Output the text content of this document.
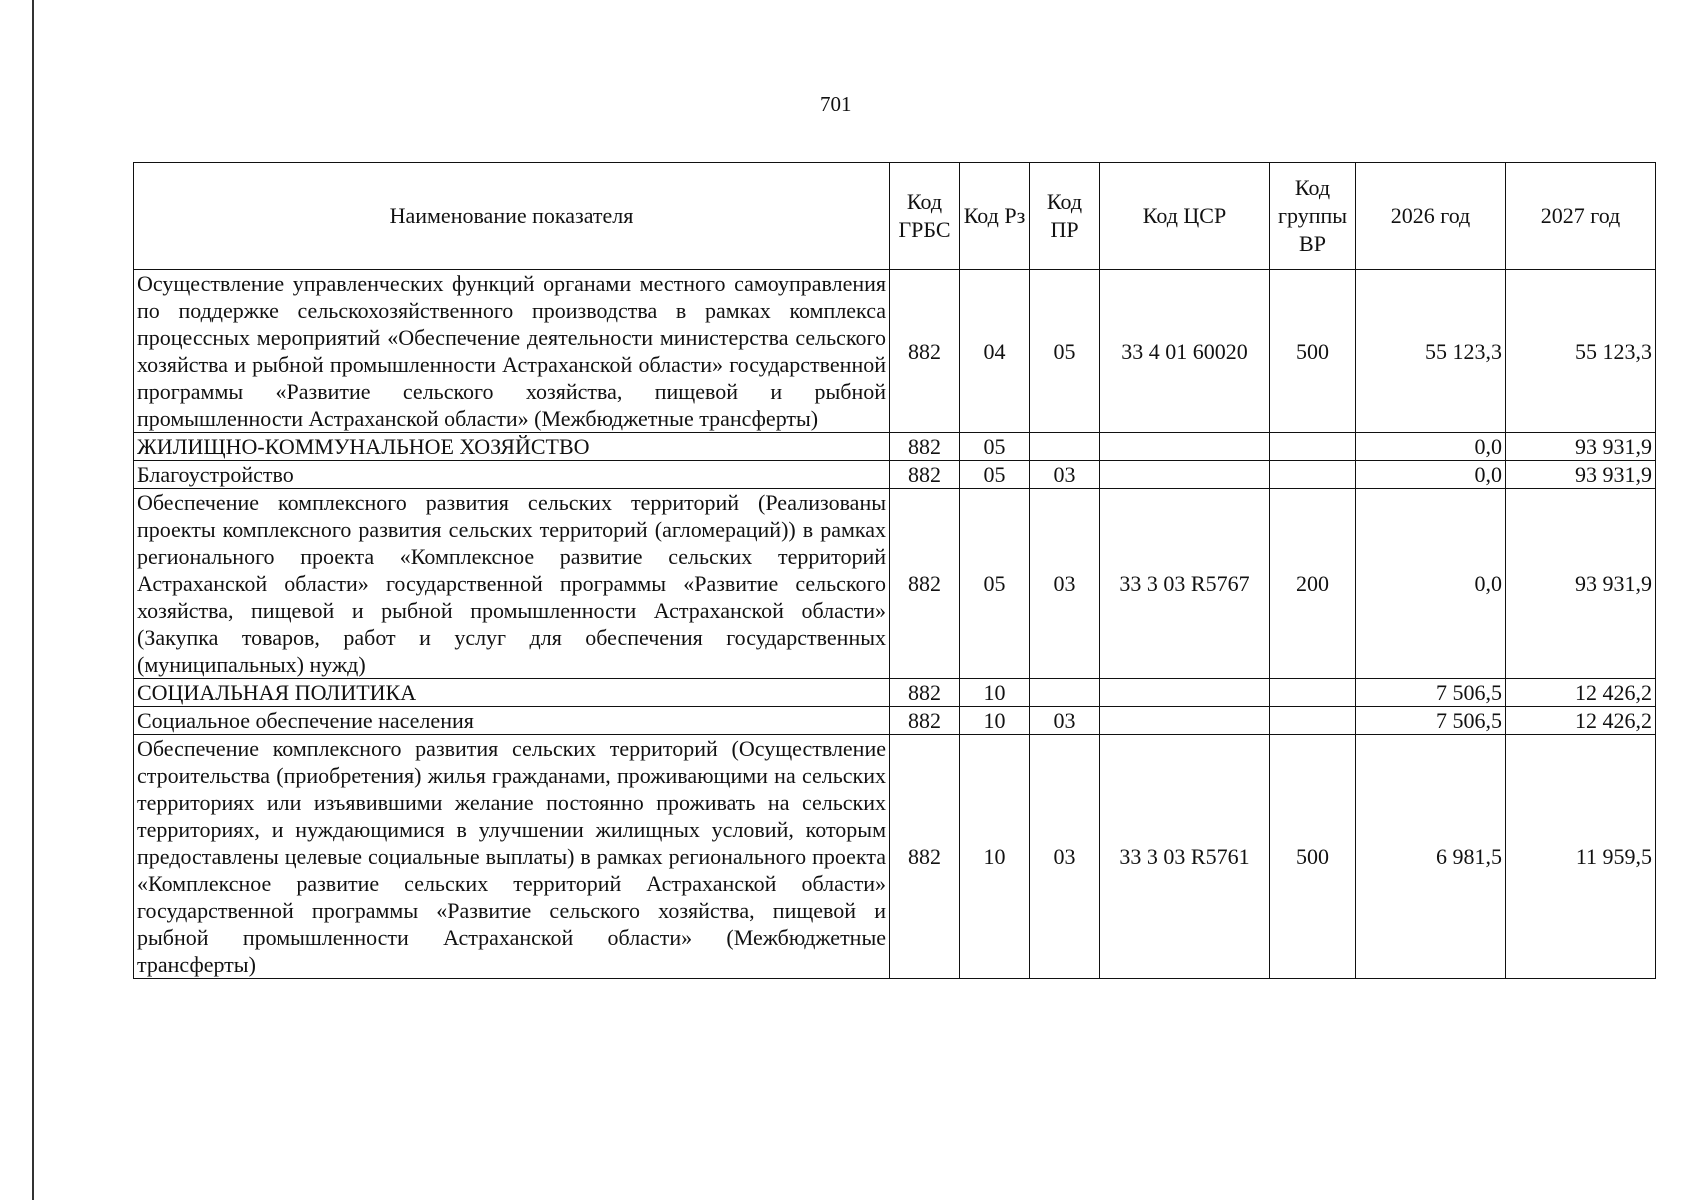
701
Наименование показателя	Код ГРБС	Код Рз	Код ПР	Код ЦСР	Код группы ВР	2026 год	2027 год
Осуществление управленческих функций органами местного самоуправления по поддержке сельскохозяйственного производства в рамках комплекса процессных мероприятий «Обеспечение деятельности министерства сельского хозяйства и рыбной промышленности Астраханской области» государственной программы «Развитие сельского хозяйства, пищевой и рыбной промышленности Астраханской области» (Межбюджетные трансферты)	882	04	05	33 4 01 60020	500	55 123,3	55 123,3
ЖИЛИЩНО-КОММУНАЛЬНОЕ ХОЗЯЙСТВО	882	05				0,0	93 931,9
Благоустройство	882	05	03			0,0	93 931,9
Обеспечение комплексного развития сельских территорий (Реализованы проекты комплексного развития сельских территорий (агломераций)) в рамках регионального проекта «Комплексное развитие сельских территорий Астраханской области» государственной программы «Развитие сельского хозяйства, пищевой и рыбной промышленности Астраханской области» (Закупка товаров, работ и услуг для обеспечения государственных (муниципальных) нужд)	882	05	03	33 3 03 R5767	200	0,0	93 931,9
СОЦИАЛЬНАЯ ПОЛИТИКА	882	10				7 506,5	12 426,2
Социальное обеспечение населения	882	10	03			7 506,5	12 426,2
Обеспечение комплексного развития сельских территорий (Осуществление строительства (приобретения) жилья гражданами, проживающими на сельских территориях или изъявившими желание постоянно проживать на сельских территориях, и нуждающимися в улучшении жилищных условий, которым предоставлены целевые социальные выплаты) в рамках регионального проекта «Комплексное развитие сельских территорий Астраханской области» государственной программы «Развитие сельского хозяйства, пищевой и рыбной промышленности Астраханской области» (Межбюджетные трансферты)	882	10	03	33 3 03 R5761	500	6 981,5	11 959,5
